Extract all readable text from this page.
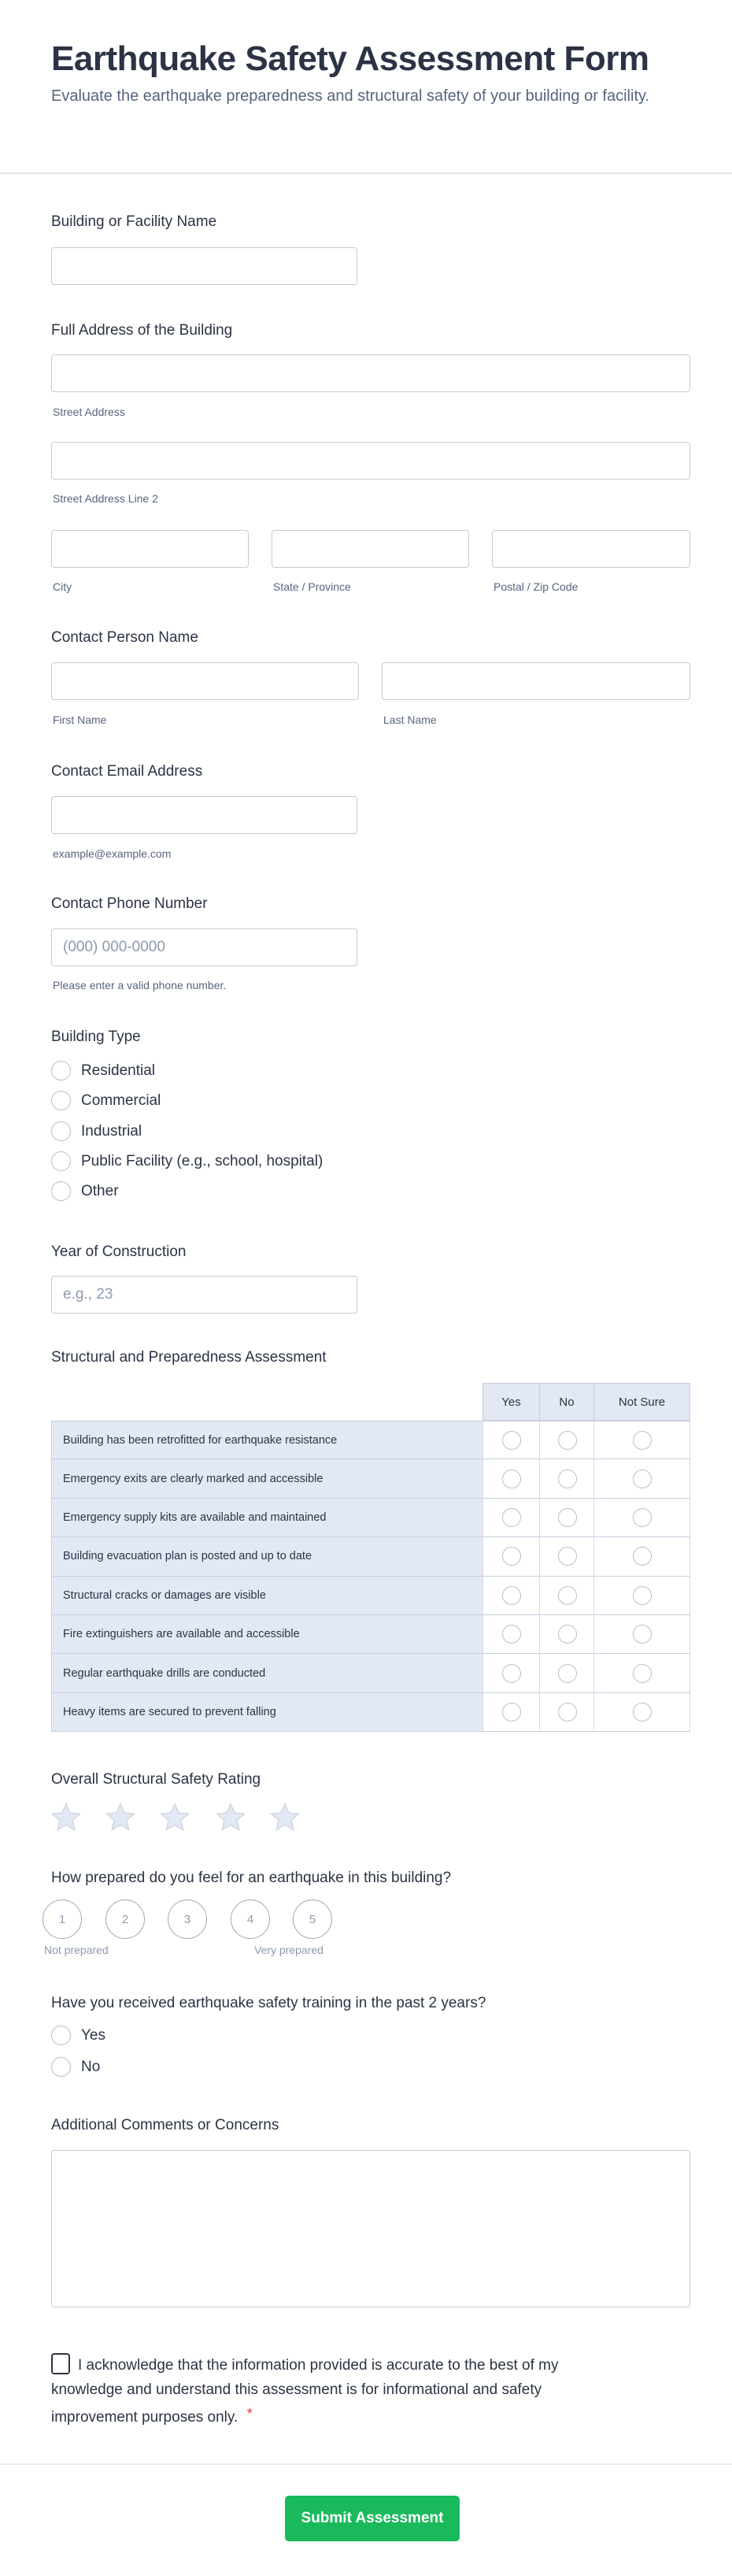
Earthquake Safety Assessment Form

Evaluate the earthquake preparedness and structural safety of your building or facility.

Building or Facility Name
Full Address of the Building
Street Address
Street Address Line 2
City	State / Province	Postal / Zip Code
Contact Person Name
First Name	Last Name
Contact Email Address
example@example.com
Contact Phone Number
(000) 000-0000
Please enter a valid phone number.
Building Type
Residential
Commercial
Industrial
Public Facility (e.g., school, hospital)
Other
Year of Construction
e.g., 23
Structural and Preparedness Assessment
Yes	No	Not Sure
Building has been retrofitted for earthquake resistance
Emergency exits are clearly marked and accessible
Emergency supply kits are available and maintained
Building evacuation plan is posted and up to date
Structural cracks or damages are visible
Fire extinguishers are available and accessible
Regular earthquake drills are conducted
Heavy items are secured to prevent falling
Overall Structural Safety Rating
How prepared do you feel for an earthquake in this building?
1	2	3	4	5
Not prepared	Very prepared
Have you received earthquake safety training in the past 2 years?
Yes
No
Additional Comments or Concerns
I acknowledge that the information provided is accurate to the best of my knowledge and understand this assessment is for informational and safety improvement purposes only. *
Submit Assessment
